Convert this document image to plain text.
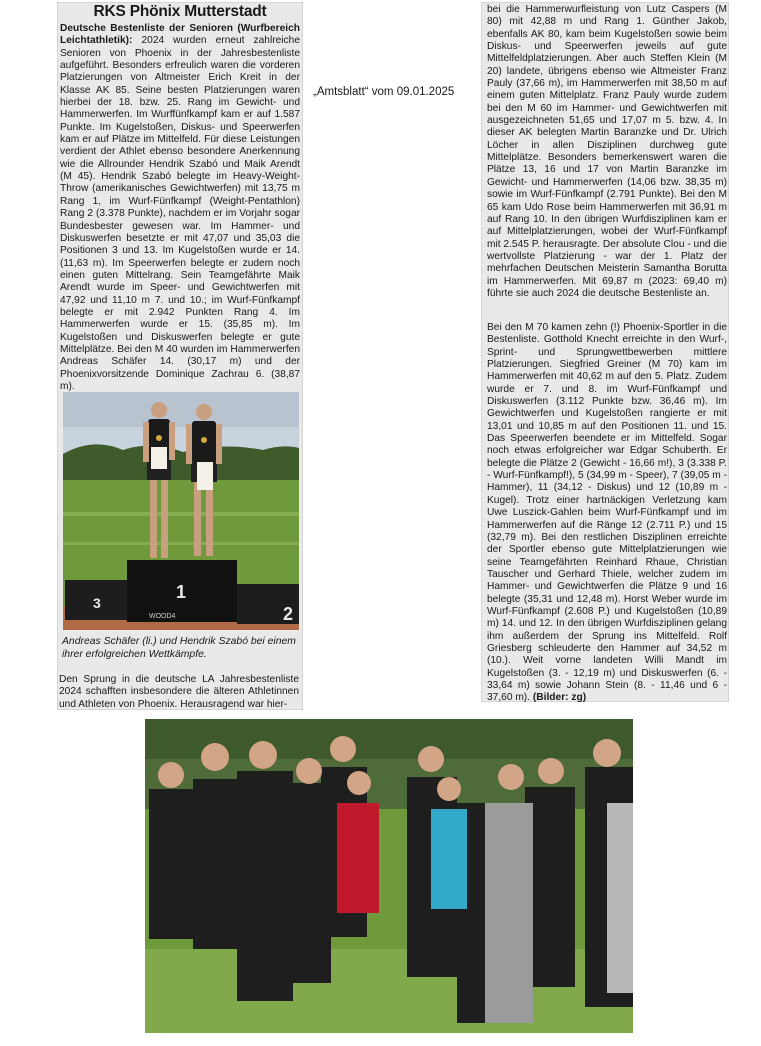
„Amtsblatt“ vom 09.01.2025
RKS Phönix Mutterstadt

Deutsche Bestenliste der Senioren (Wurfbereich Leichtathletik): 2024 wurden erneut zahlreiche Senioren von Phoenix in der Jahresbestenliste aufgeführt. Besonders erfreulich waren die vorderen Platzierungen von Altmeister Erich Kreit in der Klasse AK 85. Seine besten Platzierungen waren hierbei der 18. bzw. 25. Rang im Gewicht- und Hammerwerfen. Im Wurffünfkampf kam er auf 1.587 Punkte. Im Kugelstoßen, Diskus- und Speerwerfen kam er auf Plätze im Mittelfeld. Für diese Leistungen verdient der Athlet ebenso besondere Anerkennung wie die Allrounder Hendrik Szabó und Maik Arendt (M 45). Hendrik Szabó belegte im Heavy-Weight-Throw (amerikanisches Gewichtwerfen) mit 13,75 m Rang 1, im Wurf-Fünfkampf (Weight-Pentathlon) Rang 2 (3.378 Punkte), nachdem er im Vorjahr sogar Bundesbester gewesen war. Im Hammer- und Diskuswerfen besetzte er mit 47,07 und 35,03 die Positionen 3 und 13. Im Kugelstoßen wurde er 14. (11,63 m). Im Speerwerfen belegte er zudem noch einen guten Mittelrang. Sein Teamgefährte Maik Arendt wurde im Speer- und Gewichtwerfen mit 47,92 und 11,10 m 7. und 10.; im Wurf-Fünfkampf belegte er mit 2.942 Punkten Rang 4. Im Hammerwerfen wurde er 15. (35,85 m). Im Kugelstoßen und Diskuswerfen belegte er gute Mittelplätze. Bei den M 40 wurden im Hammerwerfen Andreas Schäfer 14. (30,17 m) und der Phoenixvorsitzende Dominique Zachrau 6. (38,87 m).

3
1
2
WOOD4
Andreas Schäfer (li.) und Hendrik Szabó bei einem ihrer erfolgreichen Wettkämpfe.
Den Sprung in die deutsche LA Jahresbestenliste 2024 schafften insbesondere die älteren Athletinnen und Athleten von Phoenix. Herausragend war hier-

bei die Hammerwurfleistung von Lutz Caspers (M 80) mit 42,88 m und Rang 1. Günther Jakob, ebenfalls AK 80, kam beim Kugelstoßen sowie beim Diskus- und Speerwerfen jeweils auf gute Mittelfeldplatzierungen. Aber auch Steffen Klein (M 20) landete, übrigens ebenso wie Altmeister Franz Pauly (37,66 m), im Hammerwerfen mit 38,50 m auf einem guten Mittelplatz. Franz Pauly wurde zudem bei den M 60 im Hammer- und Gewichtwerfen mit ausgezeichneten 51,65 und 17,07 m 5. bzw. 4. In dieser AK belegten Martin Baranzke und Dr. Ulrich Löcher in allen Disziplinen durchweg gute Mittelplätze. Besonders bemerkenswert waren die Plätze 13, 16 und 17 von Martin Baranzke im Gewicht- und Hammerwerfen (14,06 bzw. 38,35 m) sowie im Wurf-Fünfkampf (2.791 Punkte). Bei den M 65 kam Udo Rose beim Hammerwerfen mit 36,91 m auf Rang 10. In den übrigen Wurfdisziplinen kam er auf Mittelplatzierungen, wobei der Wurf-Fünfkampf mit 2.545 P. herausragte. Der absolute Clou - und die wertvollste Platzierung - war der 1. Platz der mehrfachen Deutschen Meisterin Samantha Borutta im Hammerwerfen. Mit 69,87 m (2023: 69,40 m) führte sie auch 2024 die deutsche Bestenliste an.

Bei den M 70 kamen zehn (!) Phoenix-Sportler in die Bestenliste. Gotthold Knecht erreichte in den Wurf-, Sprint- und Sprungwettbewerben mittlere Platzierungen. Siegfried Greiner (M 70) kam im Hammerwerfen mit 40,62 m auf den 5. Platz. Zudem wurde er 7. und 8. im Wurf-Fünfkampf und Diskuswerfen (3.112 Punkte bzw. 36,46 m). Im Gewichtwerfen und Kugelstoßen rangierte er mit 13,01 und 10,85 m auf den Positionen 11. und 15. Das Speerwerfen beendete er im Mittelfeld. Sogar noch etwas erfolgreicher war Edgar Schuberth. Er belegte die Plätze 2 (Gewicht - 16,66 m!), 3 (3.338 P. - Wurf-Fünfkampf!), 5 (34,99 m - Speer), 7 (39,05 m - Hammer), 11 (34,12 - Diskus) und 12 (10,89 m - Kugel). Trotz einer hartnäckigen Verletzung kam Uwe Luszick-Gahlen beim Wurf-Fünfkampf und im Hammerwerfen auf die Ränge 12 (2.711 P.) und 15 (32,79 m). Bei den restlichen Disziplinen erreichte der Sportler ebenso gute Mittelplatzierungen wie seine Teamgefährten Reinhard Rhaue, Christian Tauscher und Gerhard Thiele, welcher zudem im Hammer- und Gewichtwerfen die Plätze 9 und 16 belegte (35,31 und 12,48 m). Horst Weber wurde im Wurf-Fünfkampf (2.608 P.) und Kugelstoßen (10,89 m) 14. und 12. In den übrigen Wurfdisziplinen gelang ihm außerdem der Sprung ins Mittelfeld. Rolf Griesberg schleuderte den Hammer auf 34,52 m (10.). Weit vorne landeten Willi Mandt im Kugelstoßen (3. - 12,19 m) und Diskuswerfen (6. - 33,64 m) sowie Johann Stein (8. - 11,46 und 6 - 37,60 m). (Bilder: zg)
